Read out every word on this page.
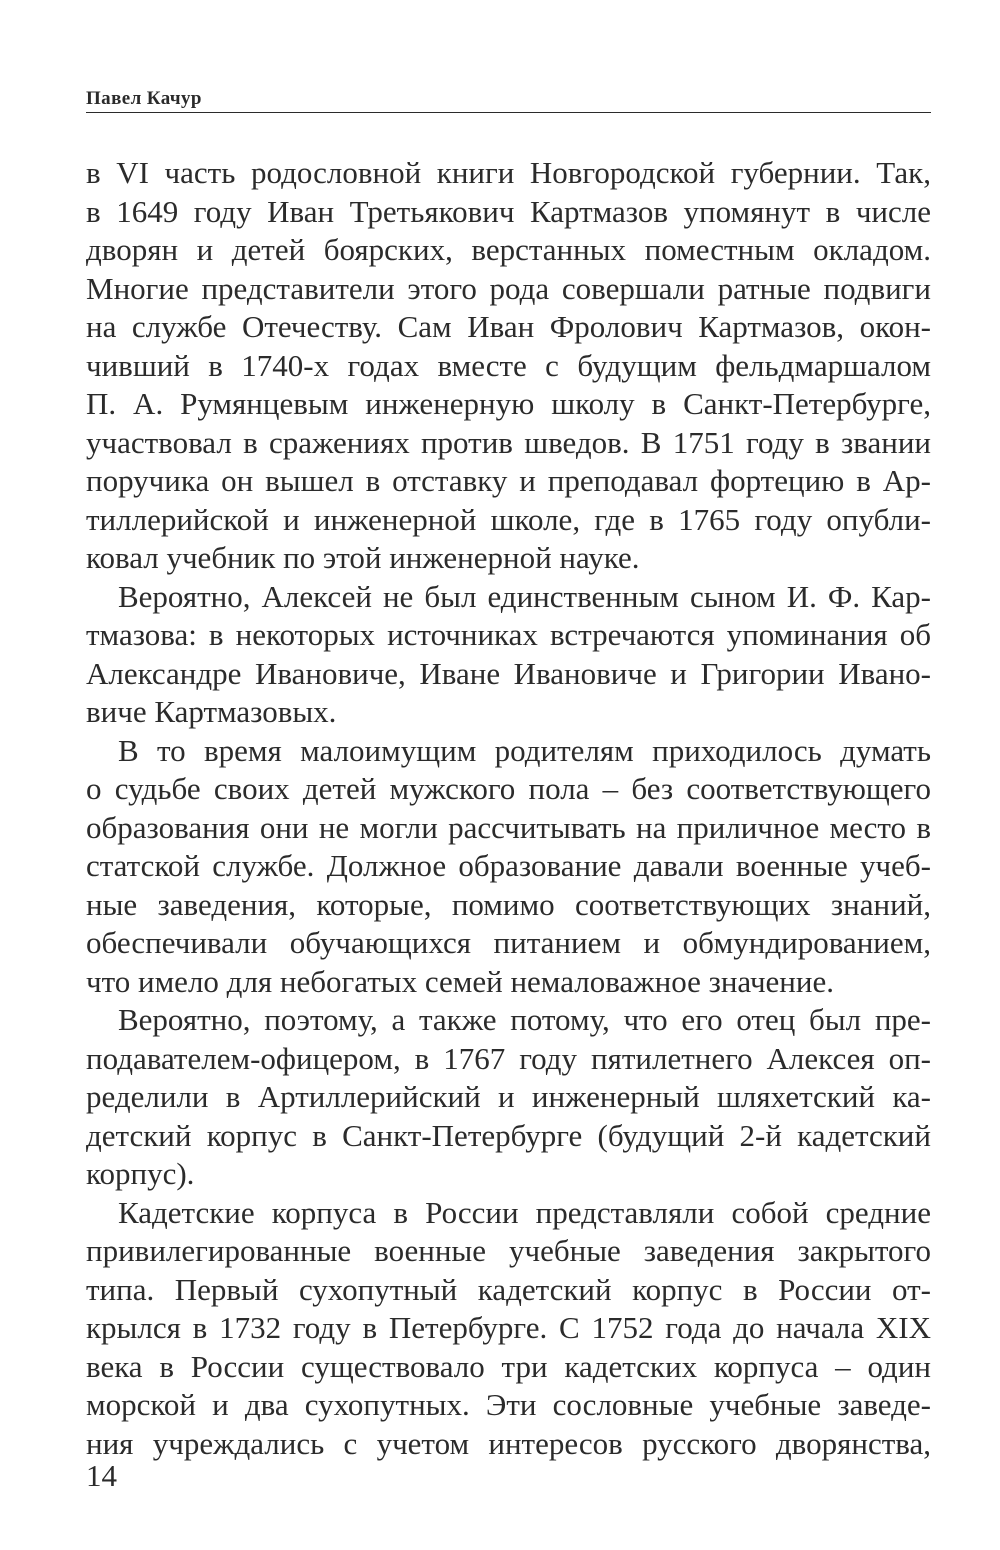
Павел Качур
в VI часть родословной книги Новгородской губернии. Так,
в 1649 году Иван Третьякович Картмазов упомянут в числе
дворян и детей боярских, верстанных поместным окладом.
Многие представители этого рода совершали ратные подвиги
на службе Отечеству. Сам Иван Фролович Картмазов, окон-
чивший в 1740-х годах вместе с будущим фельдмаршалом
П. А. Румянцевым инженерную школу в Санкт-Петербурге,
участвовал в сражениях против шведов. В 1751 году в звании
поручика он вышел в отставку и преподавал фортецию в Ар-
тиллерийской и инженерной школе, где в 1765 году опубли-
ковал учебник по этой инженерной науке.
Вероятно, Алексей не был единственным сыном И. Ф. Кар-
тмазова: в некоторых источниках встречаются упоминания об
Александре Ивановиче, Иване Ивановиче и Григории Ивано-
виче Картмазовых.
В то время малоимущим родителям приходилось думать
о судьбе своих детей мужского пола – без соответствующего
образования они не могли рассчитывать на приличное место в
статской службе. Должное образование давали военные учеб-
ные заведения, которые, помимо соответствующих знаний,
обеспечивали обучающихся питанием и обмундированием,
что имело для небогатых семей немаловажное значение.
Вероятно, поэтому, а также потому, что его отец был пре-
подавателем-офицером, в 1767 году пятилетнего Алексея оп-
ределили в Артиллерийский и инженерный шляхетский ка-
детский корпус в Санкт-Петербурге (будущий 2-й кадетский
корпус).
Кадетские корпуса в России представляли собой средние
привилегированные военные учебные заведения закрытого
типа. Первый сухопутный кадетский корпус в России от-
крылся в 1732 году в Петербурге. С 1752 года до начала XIX
века в России существовало три кадетских корпуса – один
морской и два сухопутных. Эти сословные учебные заведе-
ния учреждались с учетом интересов русского дворянства,
14
